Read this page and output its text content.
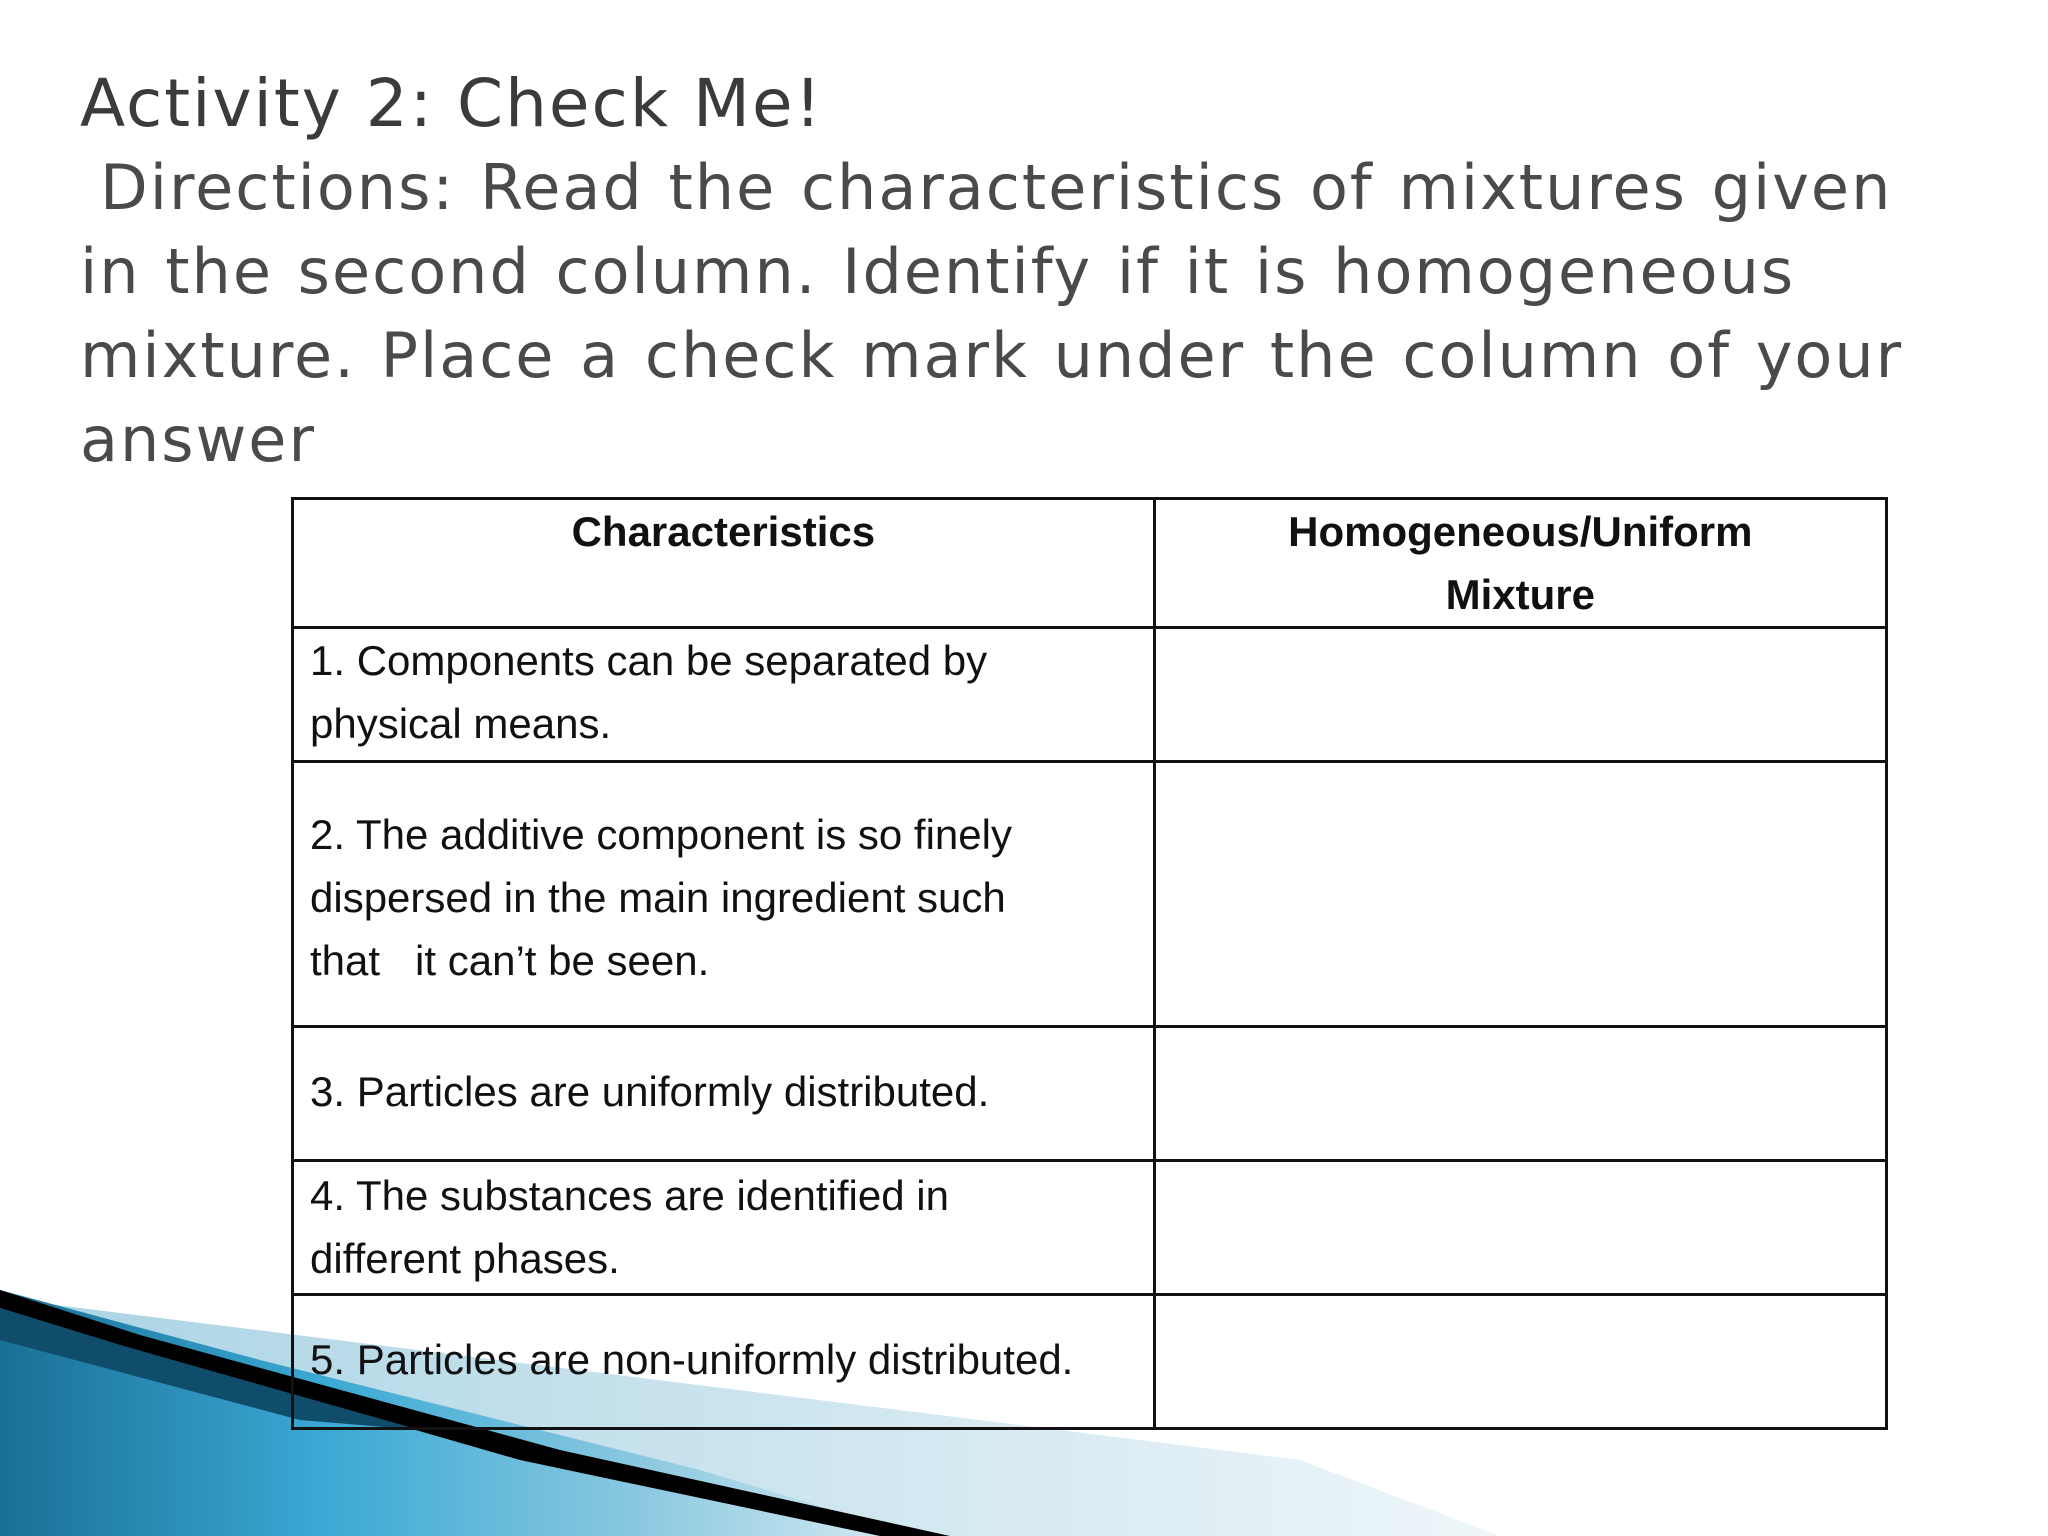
Activity 2: Check Me!

Directions: Read the characteristics of mixtures given
in the second column. Identify if it is homogeneous
mixture. Place a check mark under the column of your
answer

Characteristics	Homogeneous/Uniform
Mixture
1. Components can be separated by
physical means.	
2. The additive component is so finely
dispersed in the main ingredient such
that   it can’t be seen.	
3. Particles are uniformly distributed.	
4. The substances are identified in
different phases.	
5. Particles are non-uniformly distributed.	
